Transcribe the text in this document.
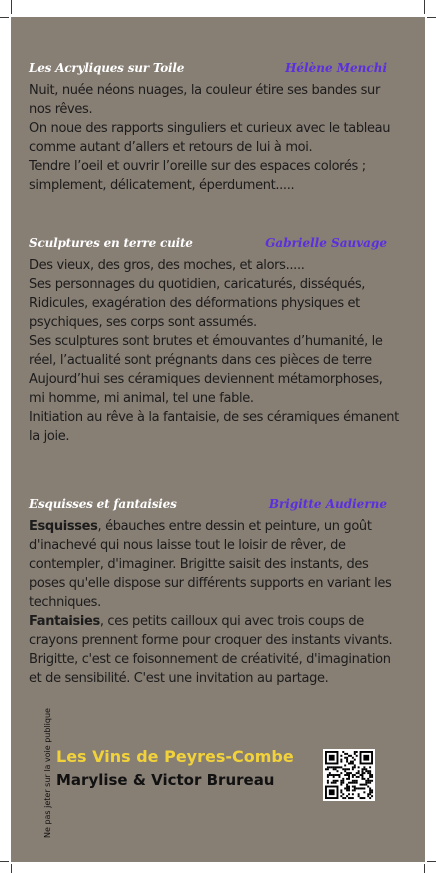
Les Acryliques sur Toile	Hélène Menchi

Nuit, nuée néons nuages, la couleur étire ses bandes sur nos rêves.

On noue des rapports singuliers et curieux avec le tableau comme autant d’allers et retours de lui à moi.

Tendre l’oeil et ouvrir l’oreille sur des espaces colorés ; simplement, délicatement, éperdument.....

Sculptures en terre cuite	Gabrielle Sauvage

Des vieux, des gros, des moches, et alors.....

Ses personnages du quotidien, caricaturés, disséqués, Ridicules, exagération des déformations physiques et psychiques, ses corps sont assumés.

Ses sculptures sont brutes et émouvantes d’humanité, le réel, l’actualité sont prégnants dans ces pièces de terre

Aujourd’hui ses céramiques deviennent métamorphoses, mi homme, mi animal, tel une fable.

Initiation au rêve à la fantaisie, de ses céramiques émanent la joie.

Esquisses et fantaisies	Brigitte Audierne

Esquisses, ébauches entre dessin et peinture, un goût d'inachevé qui nous laisse tout le loisir de rêver, de contempler, d'imaginer. Brigitte saisit des instants, des poses qu'elle dispose sur différents supports en variant les techniques.

Fantaisies, ces petits cailloux qui avec trois coups de crayons prennent forme pour croquer des instants vivants. Brigitte, c'est ce foisonnement de créativité, d'imagination et de sensibilité. C'est une invitation au partage.

Ne pas jeter sur la voie publique Les Vins de Peyres-Combe
Marylise & Victor Brureau
